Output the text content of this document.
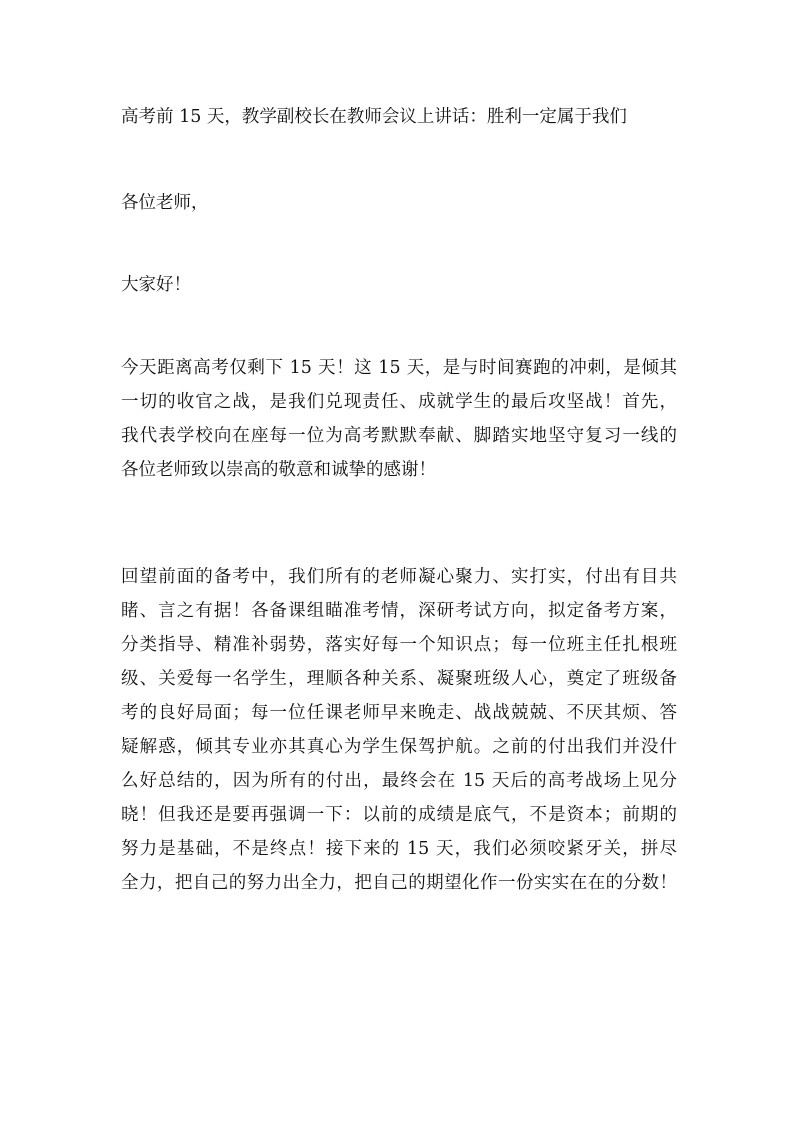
高考前 15 天，教学副校长在教师会议上讲话：胜利一定属于我们

各位老师，

大家好！

今天距离高考仅剩下 15 天！这 15 天，是与时间赛跑的冲刺，是倾其
一切的收官之战，是我们兑现责任、成就学生的最后攻坚战！首先，
我代表学校向在座每一位为高考默默奉献、脚踏实地坚守复习一线的
各位老师致以崇高的敬意和诚挚的感谢！

回望前面的备考中，我们所有的老师凝心聚力、实打实，付出有目共
睹、言之有据！各备课组瞄准考情，深研考试方向，拟定备考方案，
分类指导、精准补弱势，落实好每一个知识点；每一位班主任扎根班
级、关爱每一名学生，理顺各种关系、凝聚班级人心，奠定了班级备
考的良好局面；每一位任课老师早来晚走、战战兢兢、不厌其烦、答
疑解惑，倾其专业亦其真心为学生保驾护航。之前的付出我们并没什
么好总结的，因为所有的付出，最终会在 15 天后的高考战场上见分
晓！但我还是要再强调一下：以前的成绩是底气，不是资本；前期的
努力是基础，不是终点！接下来的 15 天，我们必须咬紧牙关，拼尽
全力，把自己的努力出全力，把自己的期望化作一份实实在在的分数！
